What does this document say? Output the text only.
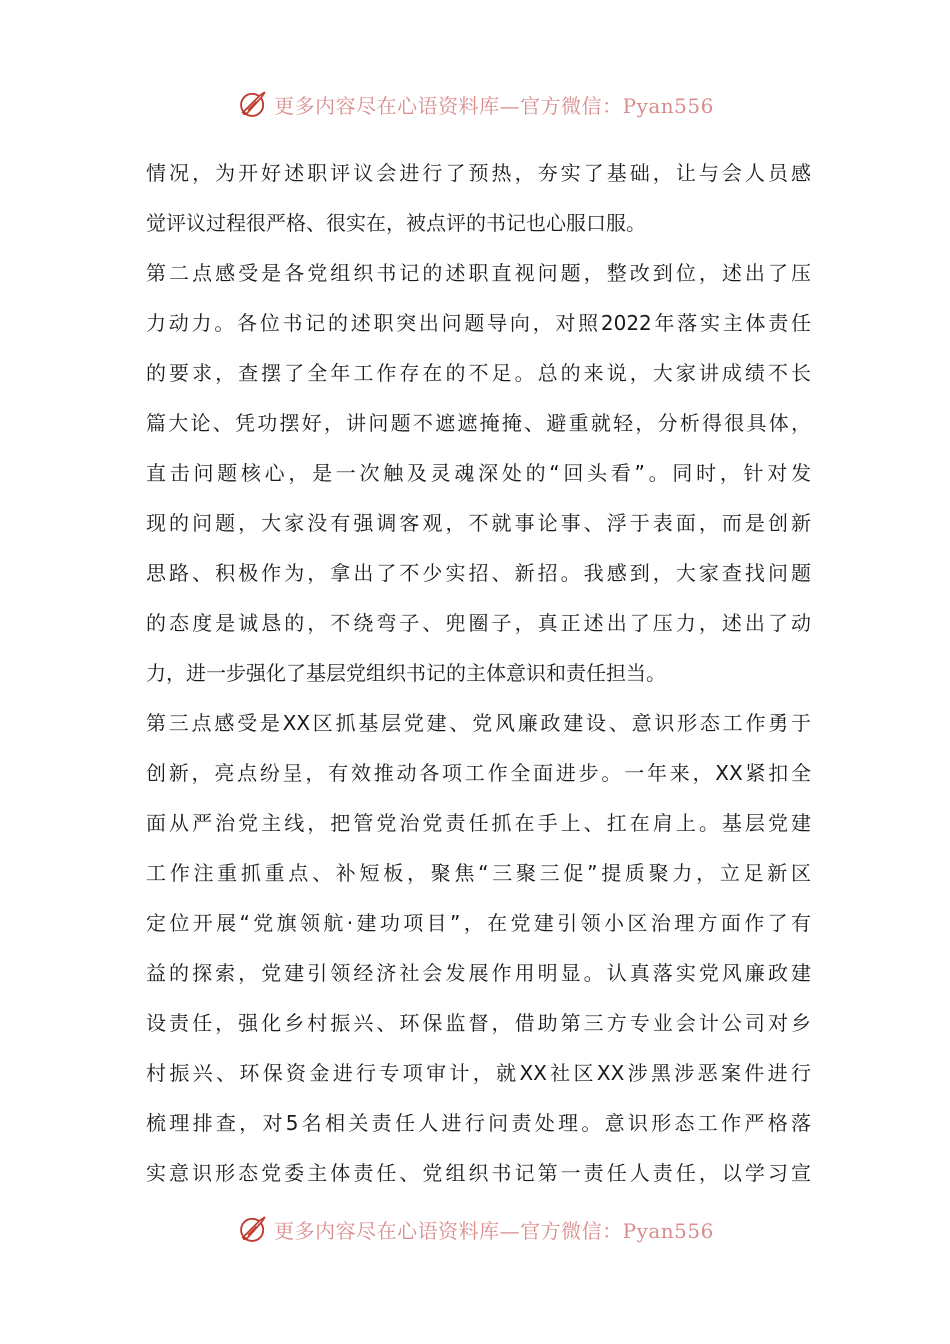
更多内容尽在心语资料库—官方微信：Pyan556
情况，为开好述职评议会进行了预热，夯实了基础，让与会人员感
觉评议过程很严格、很实在，被点评的书记也心服口服。
第二点感受是各党组织书记的述职直视问题，整改到位，述出了压
力动力。各位书记的述职突出问题导向，对照2022年落实主体责任
的要求，查摆了全年工作存在的不足。总的来说，大家讲成绩不长
篇大论、凭功摆好，讲问题不遮遮掩掩、避重就轻，分析得很具体，
直击问题核心，是一次触及灵魂深处的“回头看”。同时，针对发
现的问题，大家没有强调客观，不就事论事、浮于表面，而是创新
思路、积极作为，拿出了不少实招、新招。我感到，大家查找问题
的态度是诚恳的，不绕弯子、兜圈子，真正述出了压力，述出了动
力，进一步强化了基层党组织书记的主体意识和责任担当。
第三点感受是XX区抓基层党建、党风廉政建设、意识形态工作勇于
创新，亮点纷呈，有效推动各项工作全面进步。一年来，XX紧扣全
面从严治党主线，把管党治党责任抓在手上、扛在肩上。基层党建
工作注重抓重点、补短板，聚焦“三聚三促”提质聚力，立足新区
定位开展“党旗领航·建功项目”，在党建引领小区治理方面作了有
益的探索，党建引领经济社会发展作用明显。认真落实党风廉政建
设责任，强化乡村振兴、环保监督，借助第三方专业会计公司对乡
村振兴、环保资金进行专项审计，就XX社区XX涉黑涉恶案件进行
梳理排查，对5名相关责任人进行问责处理。意识形态工作严格落
实意识形态党委主体责任、党组织书记第一责任人责任，以学习宣
更多内容尽在心语资料库—官方微信：Pyan556
